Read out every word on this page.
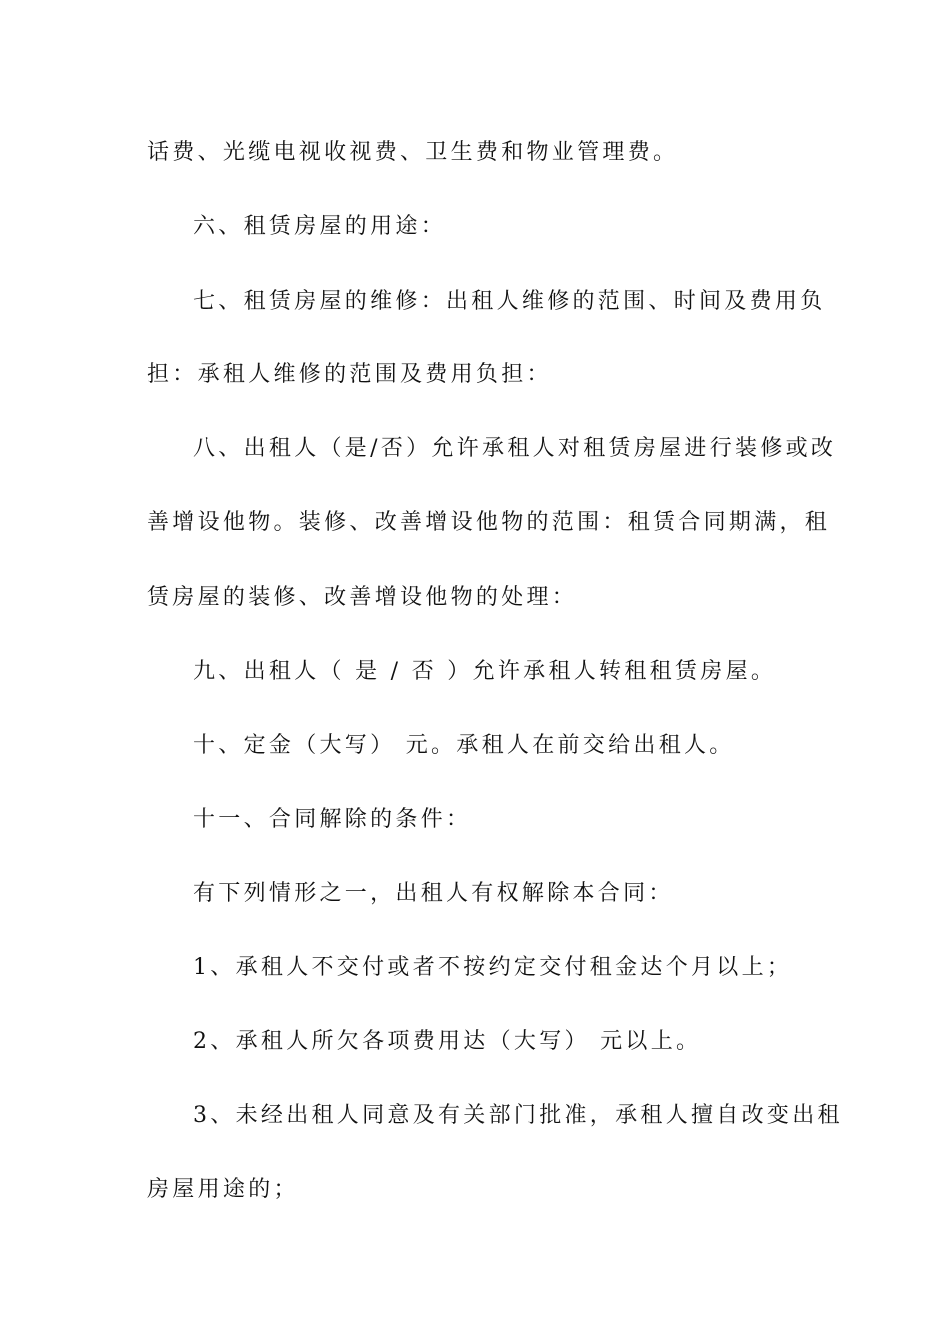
话费、光缆电视收视费、卫生费和物业管理费。
六、租赁房屋的用途：
七、租赁房屋的维修：出租人维修的范围、时间及费用负
担：承租人维修的范围及费用负担：
八、出租人（是/否）允许承租人对租赁房屋进行装修或改
善增设他物。装修、改善增设他物的范围：租赁合同期满，租
赁房屋的装修、改善增设他物的处理：
九、出租人（ 是 / 否 ）允许承租人转租租赁房屋。
十、定金（大写） 元。承租人在前交给出租人。
十一、合同解除的条件：
有下列情形之一，出租人有权解除本合同：
1、承租人不交付或者不按约定交付租金达个月以上；
2、承租人所欠各项费用达（大写） 元以上。
3、未经出租人同意及有关部门批准，承租人擅自改变出租
房屋用途的；
